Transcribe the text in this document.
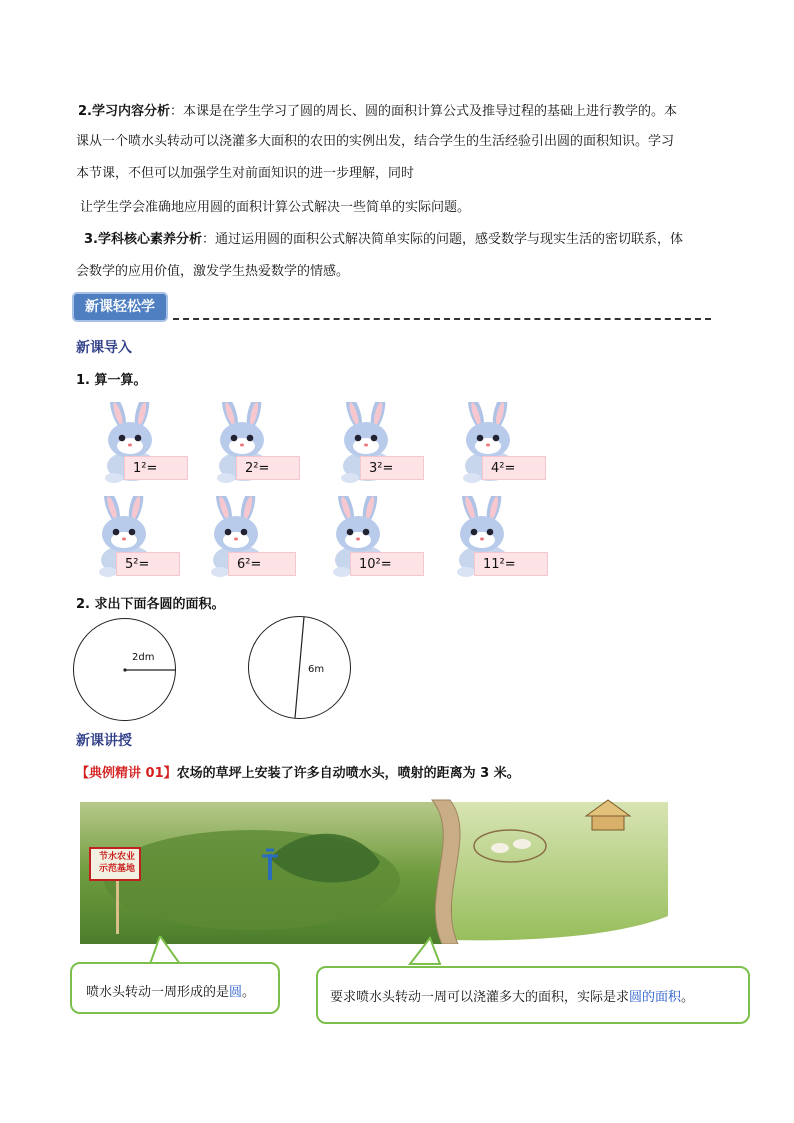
2.学习内容分析：本课是在学生学习了圆的周长、圆的面积计算公式及推导过程的基础上进行教学的。本
课从一个喷水头转动可以浇灌多大面积的农田的实例出发，结合学生的生活经验引出圆的面积知识。学习
本节课，不但可以加强学生对前面知识的进一步理解，同时
让学生学会准确地应用圆的面积计算公式解决一些简单的实际问题。
3.学科核心素养分析：通过运用圆的面积公式解决简单实际的问题，感受数学与现实生活的密切联系，体
会数学的应用价值，激发学生热爱数学的情感。
新课轻松学
新课导入
1. 算一算。
1²=	2²=	3²=	4²=
5²=	6²=	10²=	11²=
2. 求出下面各圆的面积。
2dm
6m
新课讲授
【典例精讲 01】农场的草坪上安装了许多自动喷水头，喷射的距离为 3 米。
节水农业
示范基地
喷水头转动一周形成的是圆。	要求喷水头转动一周可以浇灌多大的面积，实际是求圆的面积。
